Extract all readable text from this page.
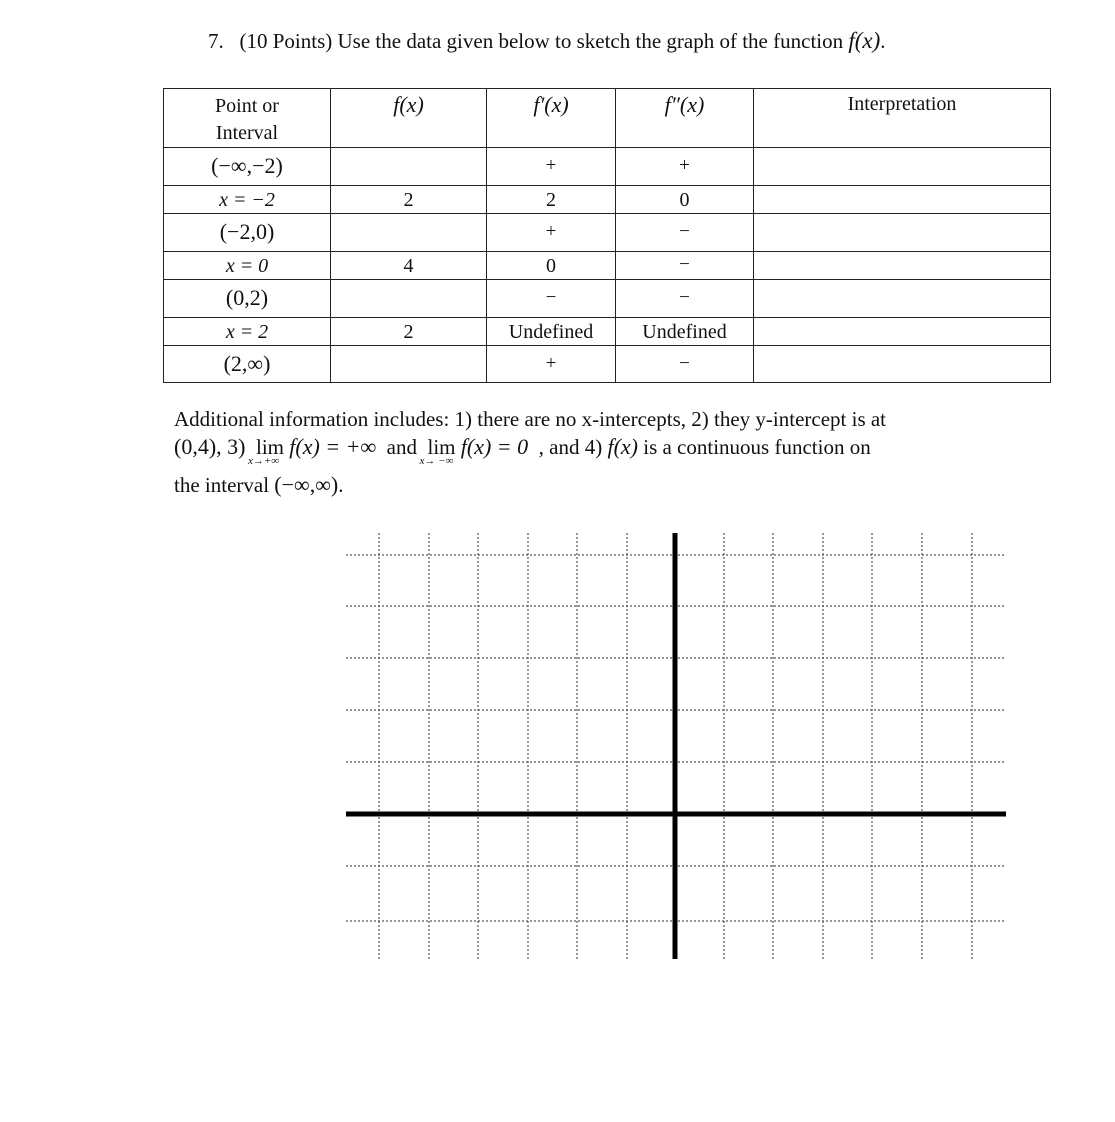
7. (10 Points) Use the data given below to sketch the graph of the function f(x).
Point or
Interval	f(x)	f′(x)	f″(x)	Interpretation
(−∞,−2)		+	+	
x = −2	2	2	0	
(−2,0)		+	−	
x = 0	4	0	−	
(0,2)		−	−	
x = 2	2	Undefined	Undefined	
(2,∞)		+	−	
Additional information includes: 1) there are no x-intercepts, 2) they y-intercept is at
(0,4), 3) lim
x→+∞
f(x) = +∞ and lim
x→ −∞
f(x) = 0 , and 4) f(x) is a continuous function on
the interval (−∞,∞).
